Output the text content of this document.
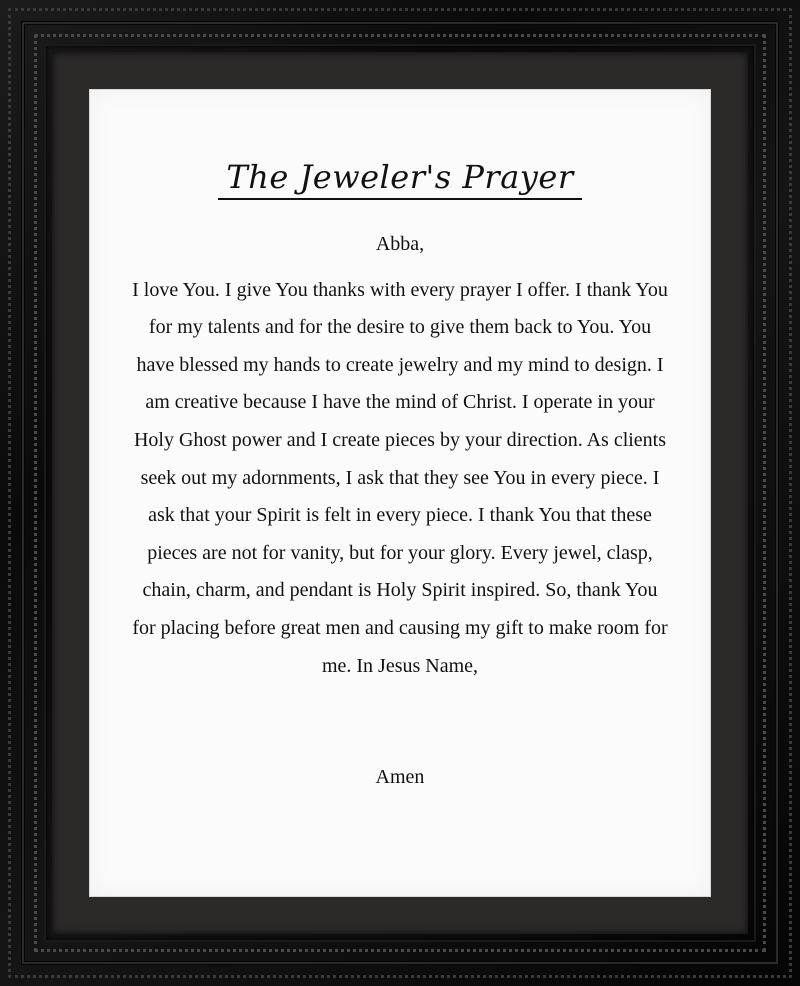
The Jeweler's Prayer

Abba,

I love You. I give You thanks with every prayer I offer. I thank You for my talents and for the desire to give them back to You. You have blessed my hands to create jewelry and my mind to design. I am creative because I have the mind of Christ. I operate in your Holy Ghost power and I create pieces by your direction. As clients seek out my adornments, I ask that they see You in every piece. I ask that your Spirit is felt in every piece. I thank You that these pieces are not for vanity, but for your glory. Every jewel, clasp, chain, charm, and pendant is Holy Spirit inspired. So, thank You for placing before great men and causing my gift to make room for me. In Jesus Name,

Amen
